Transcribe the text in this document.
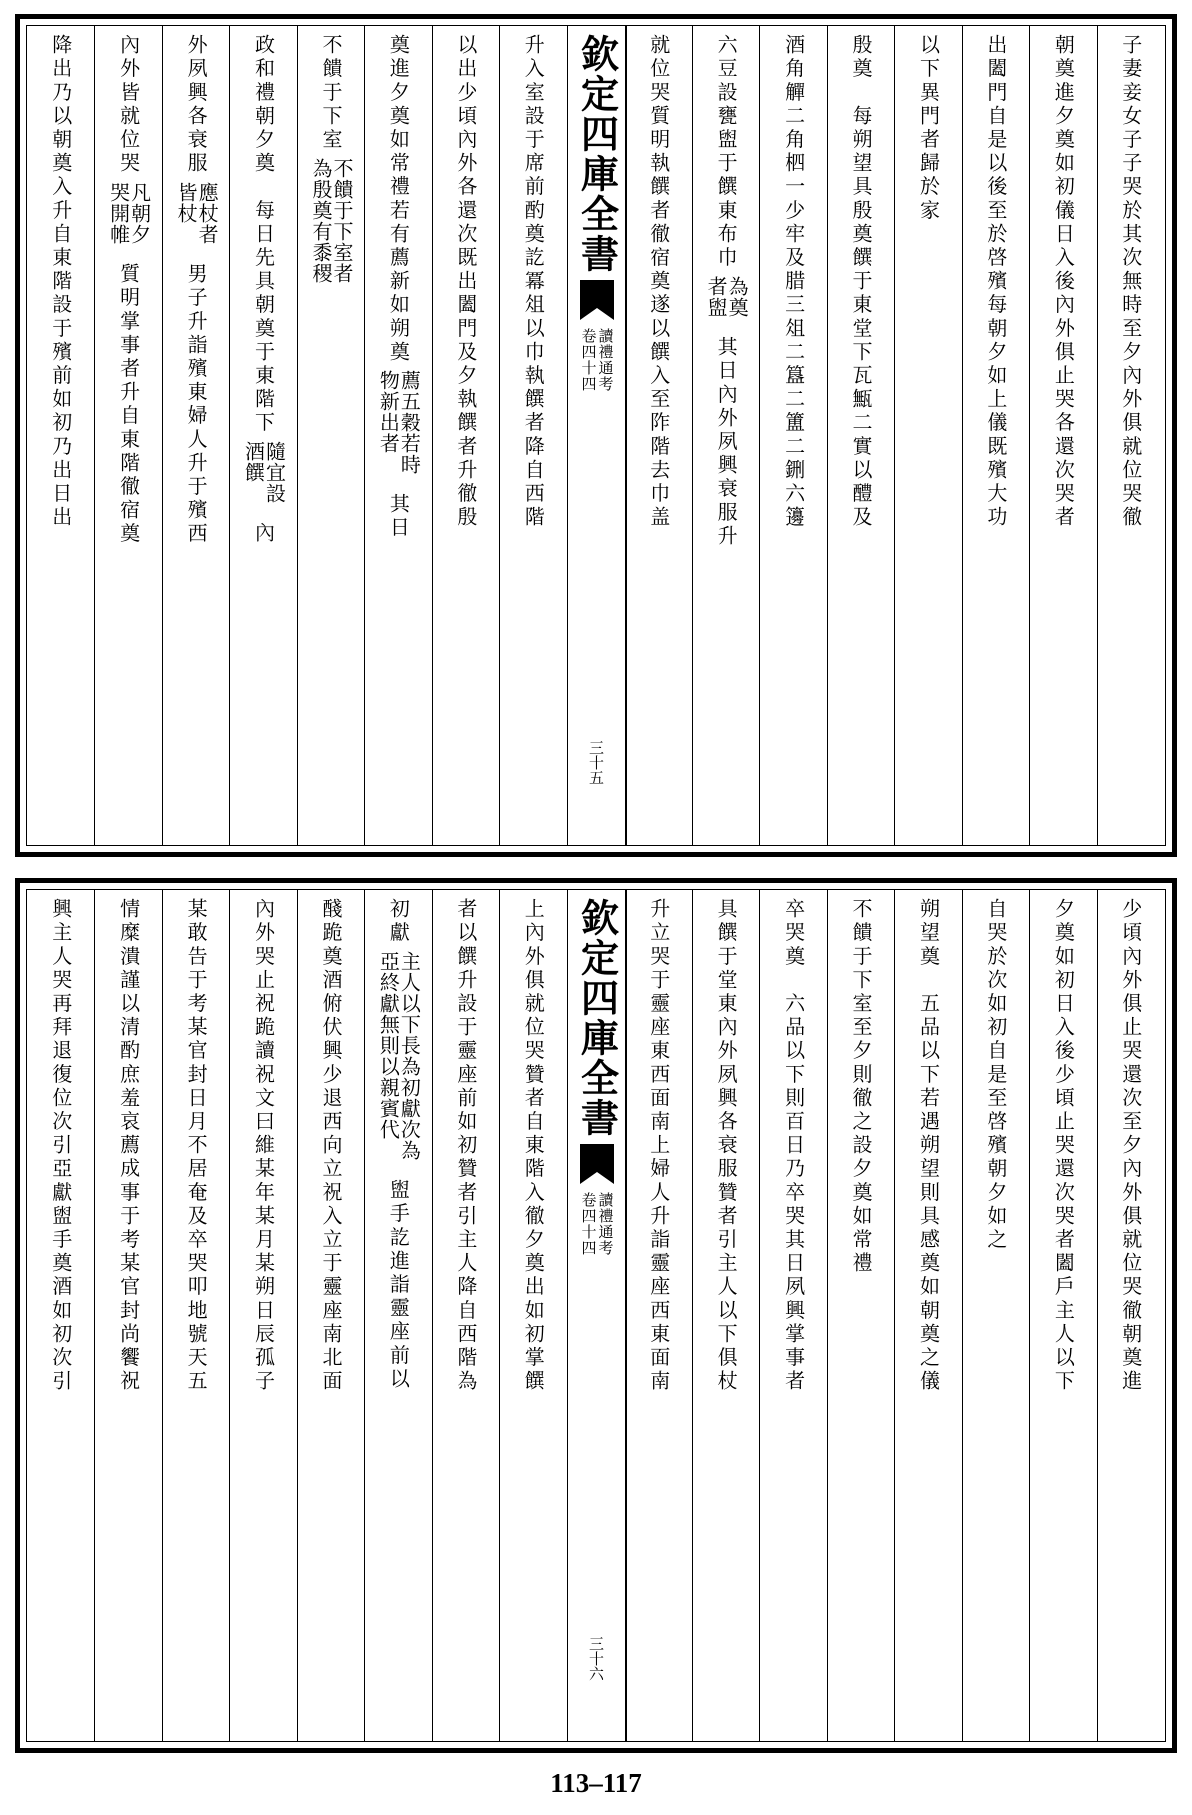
子妻妾女子子哭於其次無時至夕內外俱就位哭徹
朝奠進夕奠如初儀日入後內外俱止哭各還次哭者
出闔門自是以後至於啓殯每朝夕如上儀既殯大功
以下異門者歸於家
殷奠　每朔望具殷奠饌于東堂下瓦甒二實以醴及
酒角觶二角柶一少牢及腊三俎二簋二簠二鉶六籩
六豆設甕盥于饌東布巾
為奠者盥
其日內外夙興衰服升
就位哭質明執饌者徹宿奠遂以饌入至阼階去巾盖
欽定四庫全書
讀禮通考
卷四十四
三十五
升入室設于席前酌奠訖冪俎以巾執饌者降自西階
以出少頃內外各還次既出闔門及夕執饌者升徹殷
奠進夕奠如常禮若有薦新如朔奠
薦五穀若時物新出者
其日
不饋于下室
不饋于下室者為殷奠有黍稷
政和禮朝夕奠　每日先具朝奠于東階下
隨宜設酒饌
內
外夙興各衰服
應杖者皆杖
男子升詣殯東婦人升于殯西
內外皆就位哭
凡朝夕哭開帷
質明掌事者升自東階徹宿奠
降出乃以朝奠入升自東階設于殯前如初乃出日出
少頃內外俱止哭還次至夕內外俱就位哭徹朝奠進
夕奠如初日入後少頃止哭還次哭者闔戶主人以下
自哭於次如初自是至啓殯朝夕如之
朔望奠　五品以下若遇朔望則具感奠如朝奠之儀
不饋于下室至夕則徹之設夕奠如常禮
卒哭奠　六品以下則百日乃卒哭其日夙興掌事者
具饌于堂東內外夙興各衰服贊者引主人以下俱杖
升立哭于靈座東西面南上婦人升詣靈座西東面南
欽定四庫全書
讀禮通考
卷四十四
三十六
上內外俱就位哭贊者自東階入徹夕奠出如初掌饌
者以饌升設于靈座前如初贊者引主人降自西階為
初獻
主人以下長為初獻次為亞終獻無則以親賓代
盥手訖進詣靈座前以
醆跪奠酒俯伏興少退西向立祝入立于靈座南北面
內外哭止祝跪讀祝文曰維某年某月某朔日辰孤子
某敢告于考某官封日月不居奄及卒哭叩地號天五
情糜潰謹以清酌庶羞哀薦成事于考某官封尚饗祝
興主人哭再拜退復位次引亞獻盥手奠酒如初次引
113–117
